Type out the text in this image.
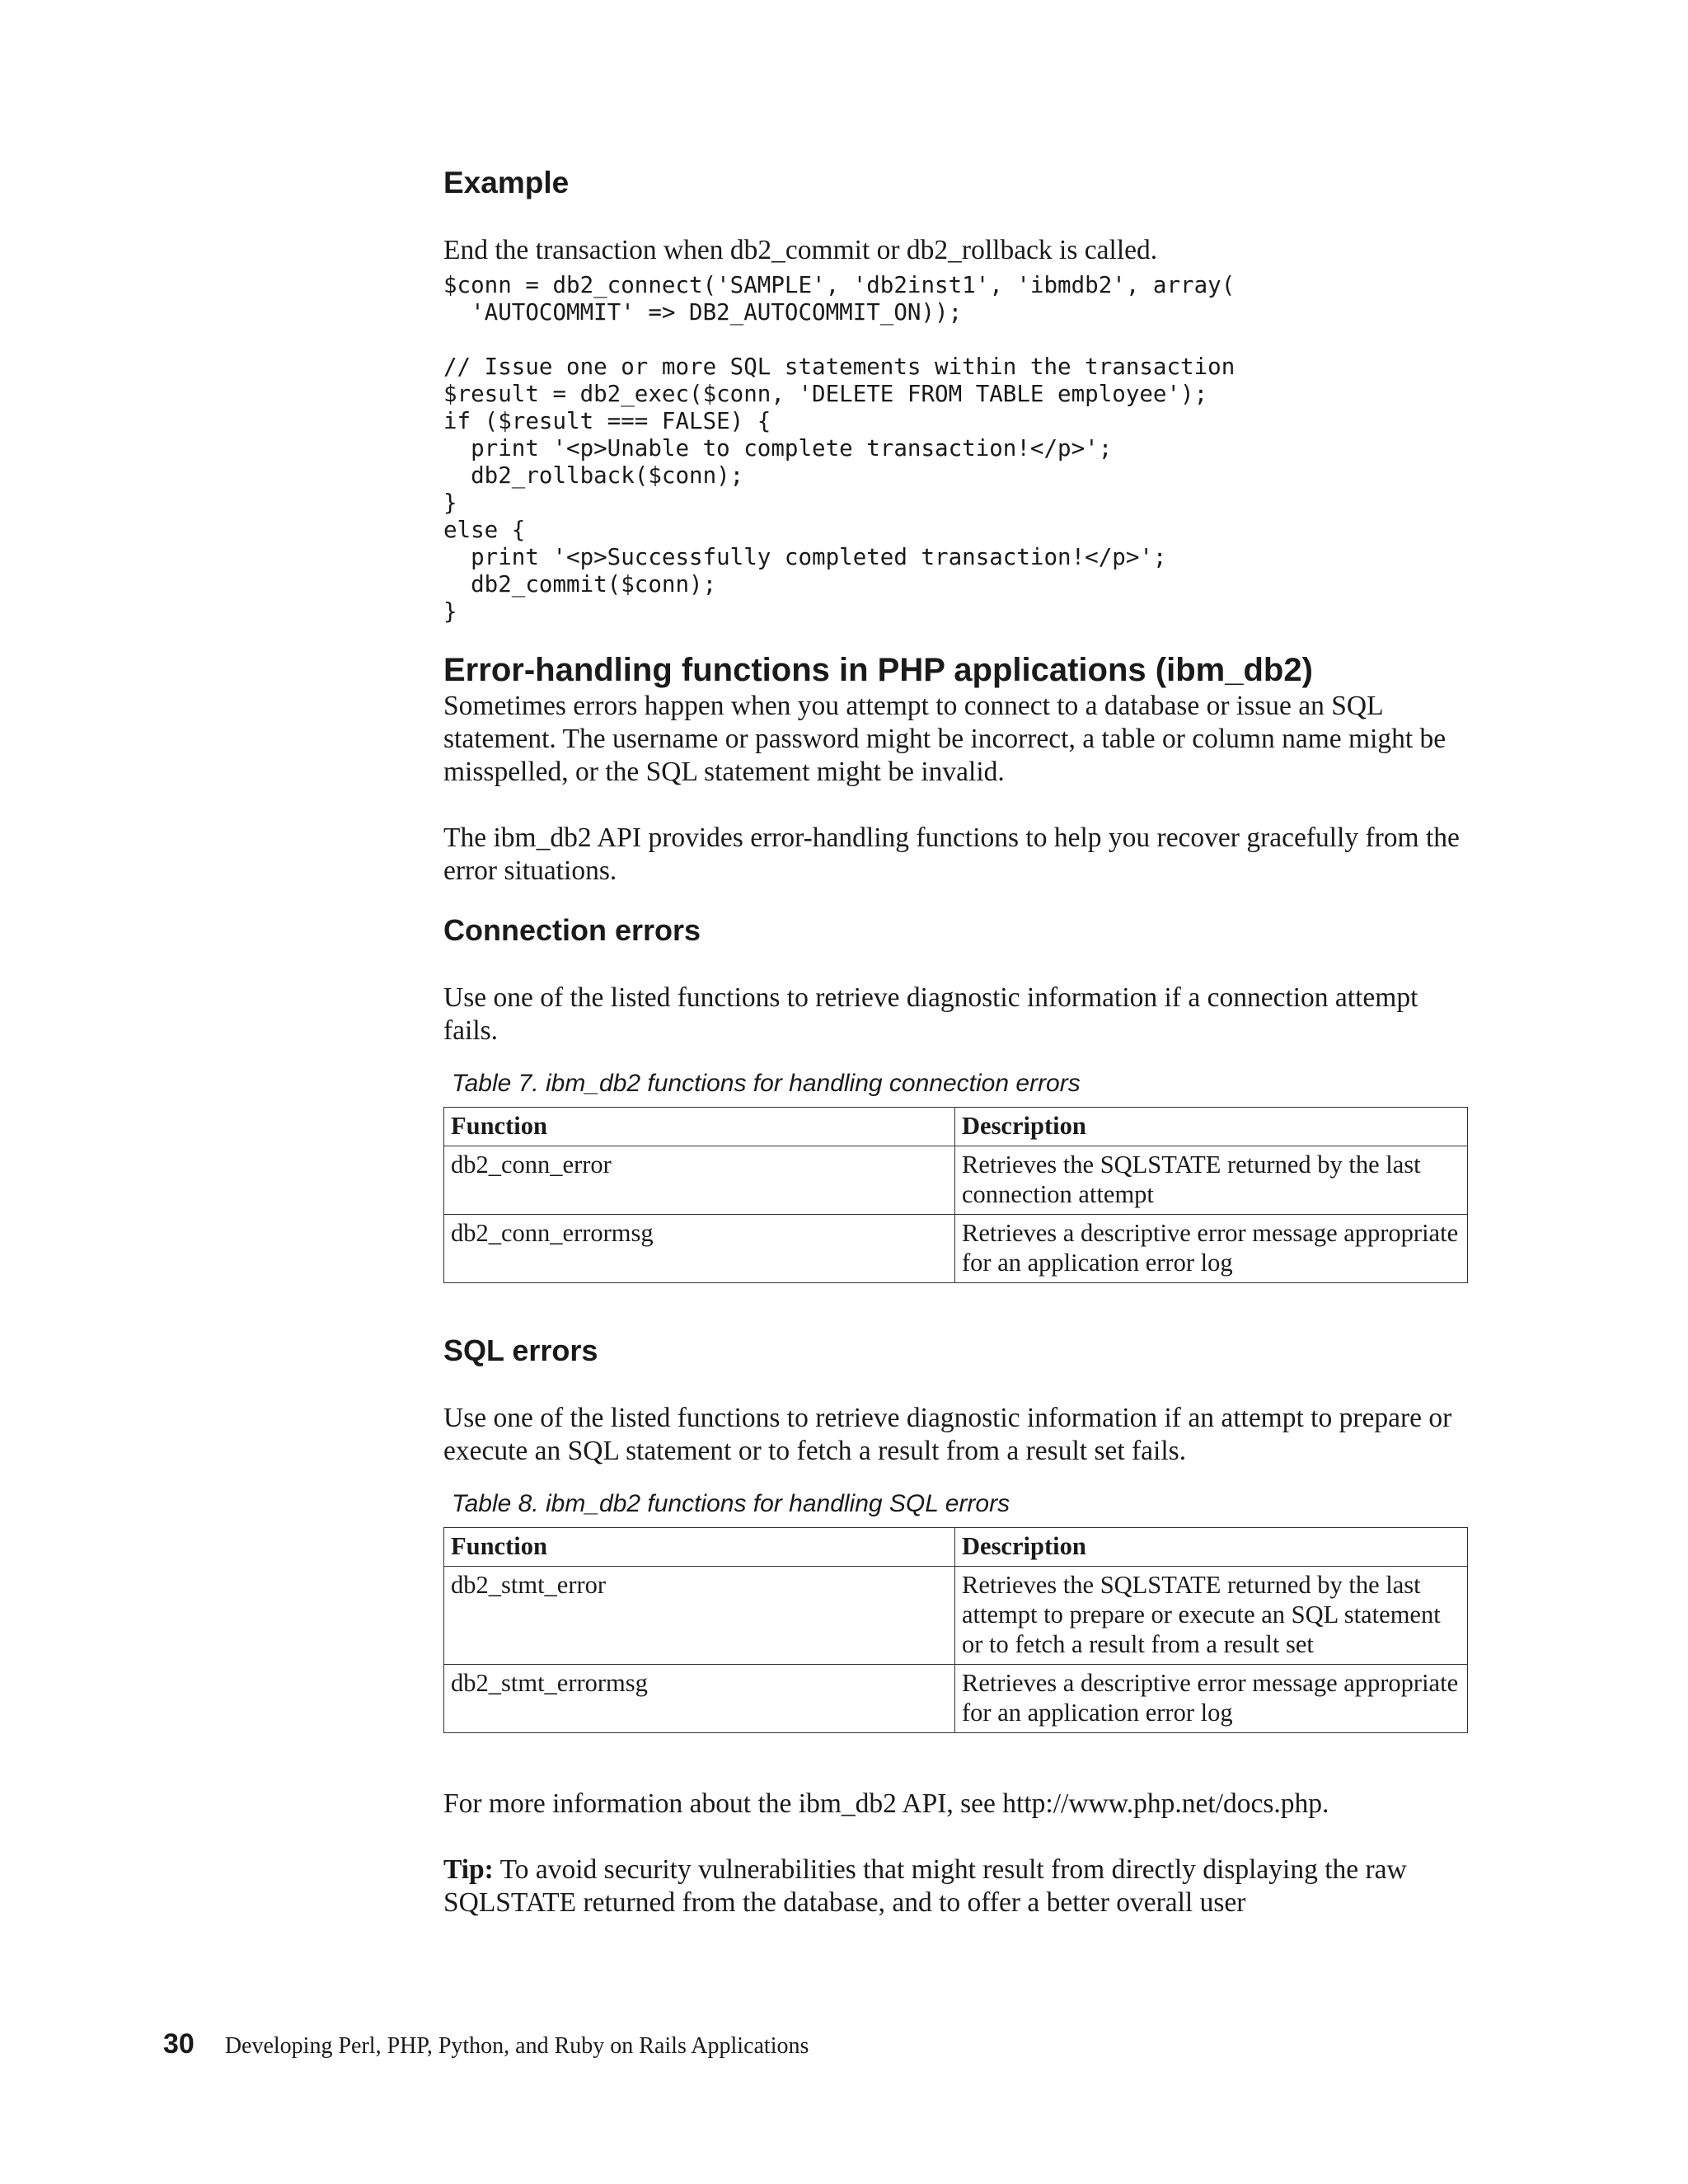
Example

End the transaction when db2_commit or db2_rollback is called.

$conn = db2_connect('SAMPLE', 'db2inst1', 'ibmdb2', array(
'AUTOCOMMIT' => DB2_AUTOCOMMIT_ON));

// Issue one or more SQL statements within the transaction
$result = db2_exec($conn, 'DELETE FROM TABLE employee');
if ($result === FALSE) {
print '<p>Unable to complete transaction!</p>';
db2_rollback($conn);
}
else {
print '<p>Successfully completed transaction!</p>';
db2_commit($conn);
}
Error-handling functions in PHP applications (ibm_db2)

Sometimes errors happen when you attempt to connect to a database or issue an SQL statement. The username or password might be incorrect, a table or column name might be misspelled, or the SQL statement might be invalid.

The ibm_db2 API provides error-handling functions to help you recover gracefully from the error situations.

Connection errors

Use one of the listed functions to retrieve diagnostic information if a connection attempt fails.

Table 7. ibm_db2 functions for handling connection errors
Function	Description
db2_conn_error	Retrieves the SQLSTATE returned by the last connection attempt
db2_conn_errormsg	Retrieves a descriptive error message appropriate for an application error log
SQL errors

Use one of the listed functions to retrieve diagnostic information if an attempt to prepare or execute an SQL statement or to fetch a result from a result set fails.

Table 8. ibm_db2 functions for handling SQL errors
Function	Description
db2_stmt_error	Retrieves the SQLSTATE returned by the last attempt to prepare or execute an SQL statement or to fetch a result from a result set
db2_stmt_errormsg	Retrieves a descriptive error message appropriate for an application error log

For more information about the ibm_db2 API, see http://www.php.net/docs.php.

Tip: To avoid security vulnerabilities that might result from directly displaying the raw SQLSTATE returned from the database, and to offer a better overall user

30 Developing Perl, PHP, Python, and Ruby on Rails Applications
